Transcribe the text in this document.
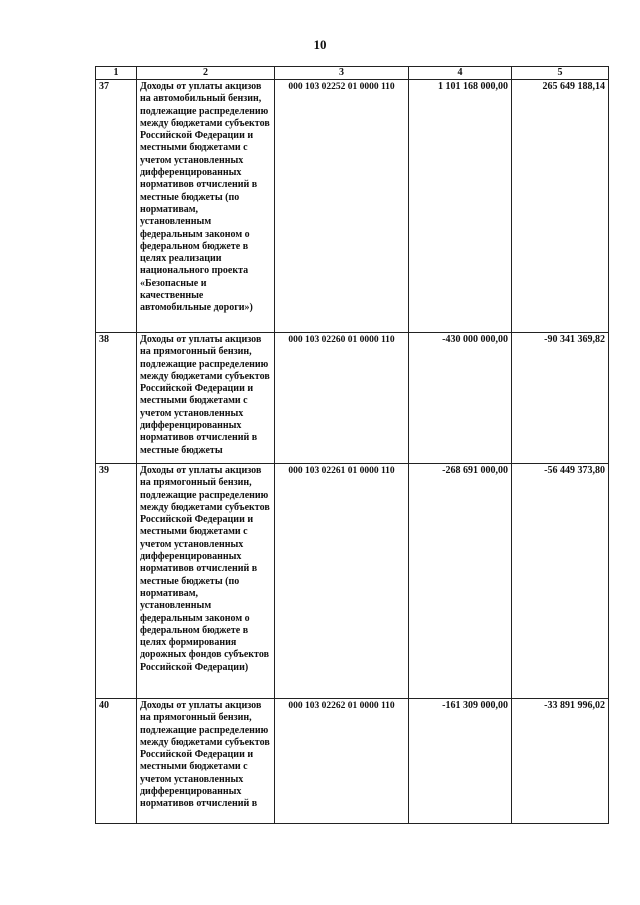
10
1	2	3	4	5
37	Доходы от уплаты акцизов на автомобильный бензин, подлежащие распределению между бюджетами субъектов Российской Федерации и местными бюджетами с учетом установленных дифференцированных нормативов отчислений в местные бюджеты (по нормативам, установленным федеральным законом о федеральном бюджете в целях реализации национального проекта «Безопасные и качественные автомобильные дороги»)	000 103 02252 01 0000 110	1 101 168 000,00	265 649 188,14
38	Доходы от уплаты акцизов на прямогонный бензин, подлежащие распределению между бюджетами субъектов Российской Федерации и местными бюджетами с учетом установленных дифференцированных нормативов отчислений в местные бюджеты	000 103 02260 01 0000 110	-430 000 000,00	-90 341 369,82
39	Доходы от уплаты акцизов на прямогонный бензин, подлежащие распределению между бюджетами субъектов Российской Федерации и местными бюджетами с учетом установленных дифференцированных нормативов отчислений в местные бюджеты (по нормативам, установленным федеральным законом о федеральном бюджете в целях формирования дорожных фондов субъектов Российской Федерации)	000 103 02261 01 0000 110	-268 691 000,00	-56 449 373,80
40	Доходы от уплаты акцизов на прямогонный бензин, подлежащие распределению между бюджетами субъектов Российской Федерации и местными бюджетами с учетом установленных дифференцированных нормативов отчислений в	000 103 02262 01 0000 110	-161 309 000,00	-33 891 996,02
